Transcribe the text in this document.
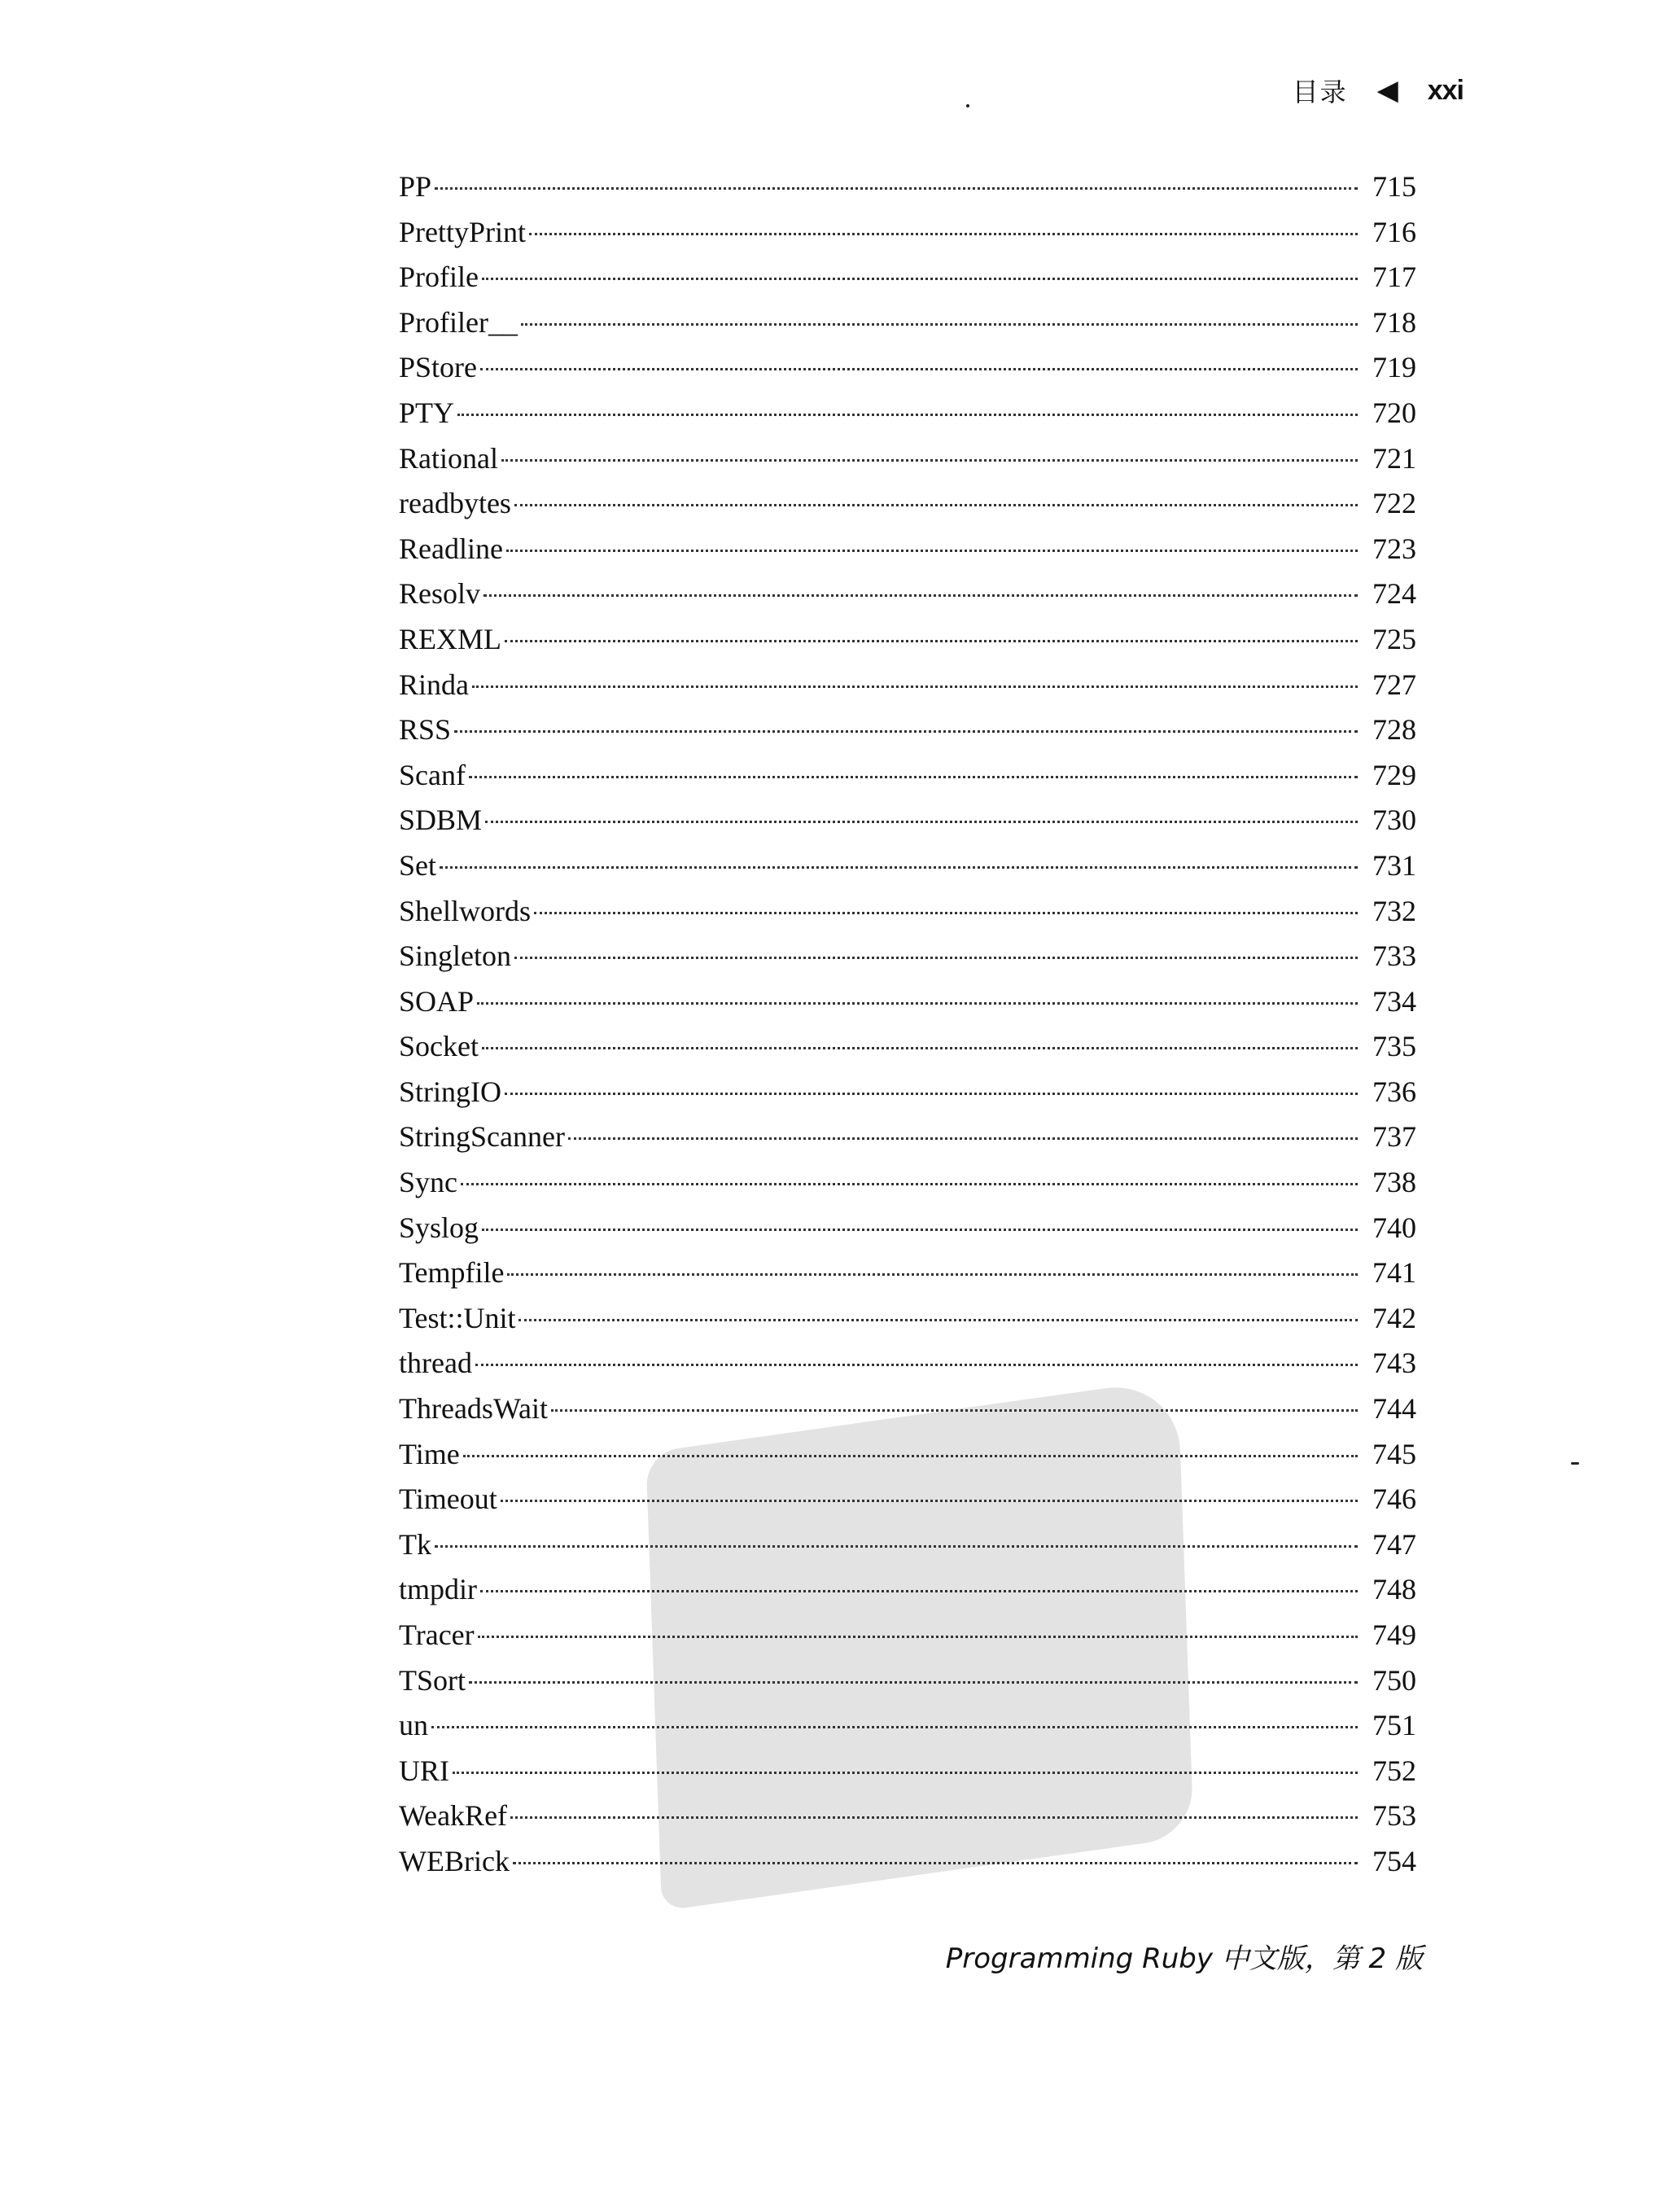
目录 ◀ xxi
PP	715
PrettyPrint	716
Profile	717
Profiler__	718
PStore	719
PTY	720
Rational	721
readbytes	722
Readline	723
Resolv	724
REXML	725
Rinda	727
RSS	728
Scanf	729
SDBM	730
Set	731
Shellwords	732
Singleton	733
SOAP	734
Socket	735
StringIO	736
StringScanner	737
Sync	738
Syslog	740
Tempfile	741
Test::Unit	742
thread	743
ThreadsWait	744
Time	745
Timeout	746
Tk	747
tmpdir	748
Tracer	749
TSort	750
un	751
URI	752
WeakRef	753
WEBrick	754
Programming Ruby 中文版，第 2 版
